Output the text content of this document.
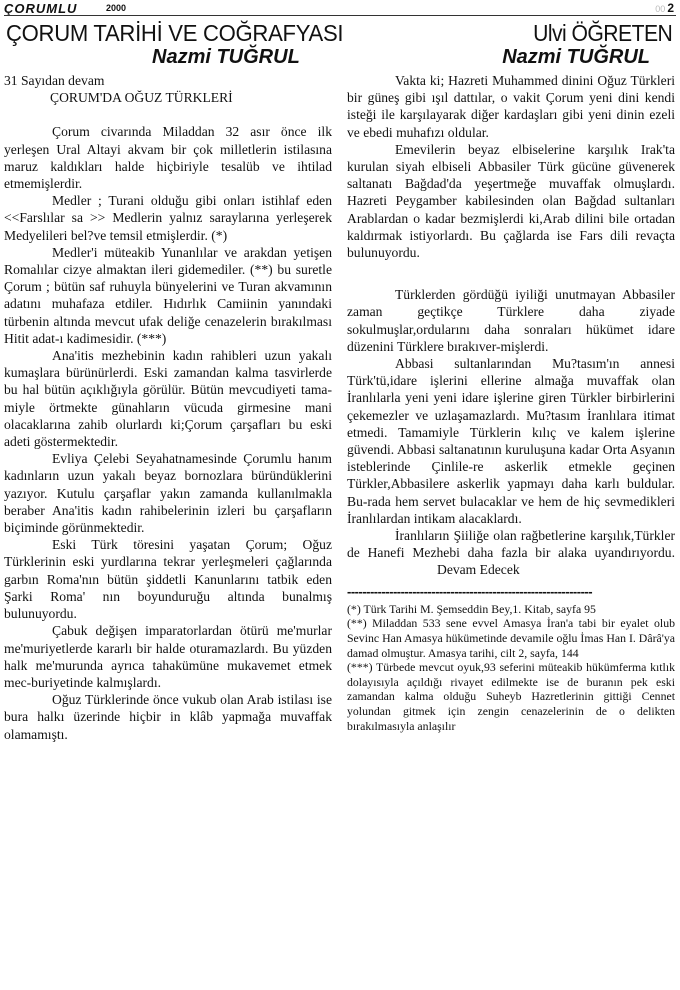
ÇORUMLU	2000	00 2
ÇORUM TARİHİ VE COĞRAFYASI	Ulvi ÖĞRETEN
Nazmi TUĞRUL	Nazmi TUĞRUL

31 Sayıdan devam

ÇORUM'DA OĞUZ TÜRKLERİ

Çorum civarında Miladdan 32 asır önce ilk yerleşen Ural Altayi akvam bir çok milletlerin istilasına maruz kaldıkları halde hiçbiriyle tesalüb ve ihtilad etmemişlerdir.

Medler ; Turani olduğu gibi onları istihlaf eden <<Farslılar sa >> Medlerin yalnız saraylarına yerleşerek Medyelileri bel?ve temsil etmişlerdir. (*)

Medler'i müteakib Yunanlılar ve arakdan yetişen Romalılar cizye almaktan ileri gidemediler. (**) bu suretle Çorum ; bütün saf ruhuyla bünyelerini ve Turan akvamının adatını muhafaza etdiler. Hıdırlık Camiinin yanındaki türbenin altında mevcut ufak deliğe cenazelerin bırakılması Hitit adat-ı kadimesidir. (***)

Ana'itis mezhebinin kadın rahibleri uzun yakalı kumaşlara bürünürlerdi. Eski zamandan kalma tasvirlerde bu hal bütün açıklığıyla görülür. Bütün mevcudiyeti tama-miyle örtmekte günahların vücuda girmesine mani olacaklarına zahib olurlardı ki;Çorum çarşafları bu eski adeti göstermektedir.

Evliya Çelebi Seyahatnamesinde Çorumlu hanım kadınların uzun yakalı beyaz bornozlara büründüklerini yazıyor. Kutulu çarşaflar yakın zamanda kullanılmakla beraber Ana'itis kadın rahibelerinin izleri bu çarşafların biçiminde görünmektedir.

Eski Türk töresini yaşatan Çorum; Oğuz Türklerinin eski yurdlarına tekrar yerleşmeleri çağlarında garbın Roma'nın bütün şiddetli Kanunlarını tatbik eden Şarki Roma' nın boyunduruğu altında bunalmış bulunuyordu.

Çabuk değişen imparatorlardan ötürü me'murlar me'muriyetlerde kararlı bir halde oturamazlardı. Bu yüzden halk me'murunda ayrıca tahakümüne mukavemet etmek mec-buriyetinde kalmışlardı.

Oğuz Türklerinde önce vukub olan Arab istilası ise bura halkı üzerinde hiçbir in klâb yapmağa muvaffak olamamıştı.

Vakta ki; Hazreti Muhammed dinini Oğuz Türkleri bir güneş gibi ışıl dattılar, o vakit Çorum yeni dini kendi isteği ile karşılayarak diğer kardaşları gibi yeni dinin ezeli ve ebedi muhafızı oldular.

Emevilerin beyaz elbiselerine karşılık Irak'ta kurulan siyah elbiseli Abbasiler Türk gücüne güvenerek saltanatı Bağdad'da yeşertmeğe muvaffak olmuşlardı. Hazreti Peygamber kabilesinden olan Bağdad sultanları Arablardan o kadar bezmişlerdi ki,Arab dilini bile ortadan kaldırmak istiyorlardı. Bu çağlarda ise Fars dili revaçta bulunuyordu.

Türklerden gördüğü iyiliği unutmayan Abbasiler zaman geçtikçe Türklere daha ziyade sokulmuşlar,ordularını daha sonraları hükümet idare düzenini Türklere bırakıver-mişlerdi.

Abbasi sultanlarından Mu?tasım'ın annesi Türk'tü,idare işlerini ellerine almağa muvaffak olan İranlılarla yeni yeni idare işlerine giren Türkler birbirlerini çekemezler ve uzlaşamazlardı. Mu?tasım İranlılara itimat etmedi. Tamamiyle Türklerin kılıç ve kalem işlerine güvendi. Abbasi saltanatının kuruluşuna kadar Orta Asyanın isteblerinde Çinlile-re askerlik etmekle geçinen Türkler,Abbasilere askerlik yapmayı daha karlı buldular. Bu-rada hem servet bulacaklar ve hem de hiç sevmedikleri İranlılardan intikam alacaklardı.

İranlıların Şiiliğe olan rağbetlerine karşılık,Türkler de Hanefi Mezhebi daha fazla bir alaka uyandırıyordu.Devam Edecek

----------------------------------------------------------------

(*) Türk Tarihi M. Şemseddin Bey,1. Kitab, sayfa 95

(**) Miladdan 533 sene evvel Amasya İran'a tabi bir eyalet olub Sevinc Han Amasya hükümetinde devamile oğlu İmas Han I. Dârâ'ya damad olmuştur. Amasya tarihi, cilt 2, sayfa, 144

(***) Türbede mevcut oyuk,93 seferini müteakib hükümferma kıtlık dolayısıyla açıldığı rivayet edilmekte ise de buranın pek eski zamandan kalma olduğu Suheyb Hazretlerinin gittiği Cennet yolundan gitmek için zengin cenazelerinin de o delikten bırakılmasıyla anlaşılır
